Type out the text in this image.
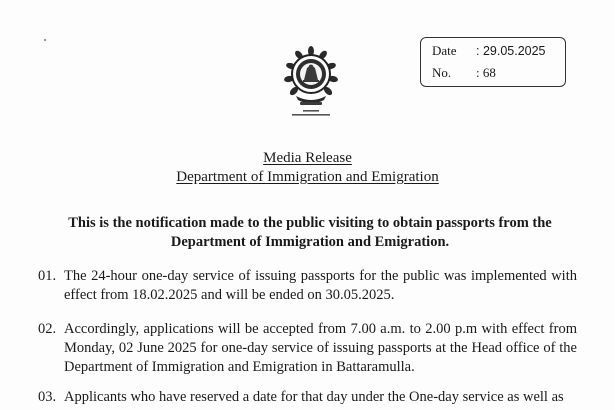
Date : 29.05.2025
No. : 68
Media Release
Department of Immigration and Emigration
This is the notification made to the public visiting to obtain passports from the Department of Immigration and Emigration.
01. The 24-hour one-day service of issuing passports for the public was implemented with effect from 18.02.2025 and will be ended on 30.05.2025.
02. Accordingly, applications will be accepted from 7.00 a.m. to 2.00 p.m with effect from Monday, 02 June 2025 for one-day service of issuing passports at the Head office of the Department of Immigration and Emigration in Battaramulla.
03. Applicants who have reserved a date for that day under the One-day service as well as
